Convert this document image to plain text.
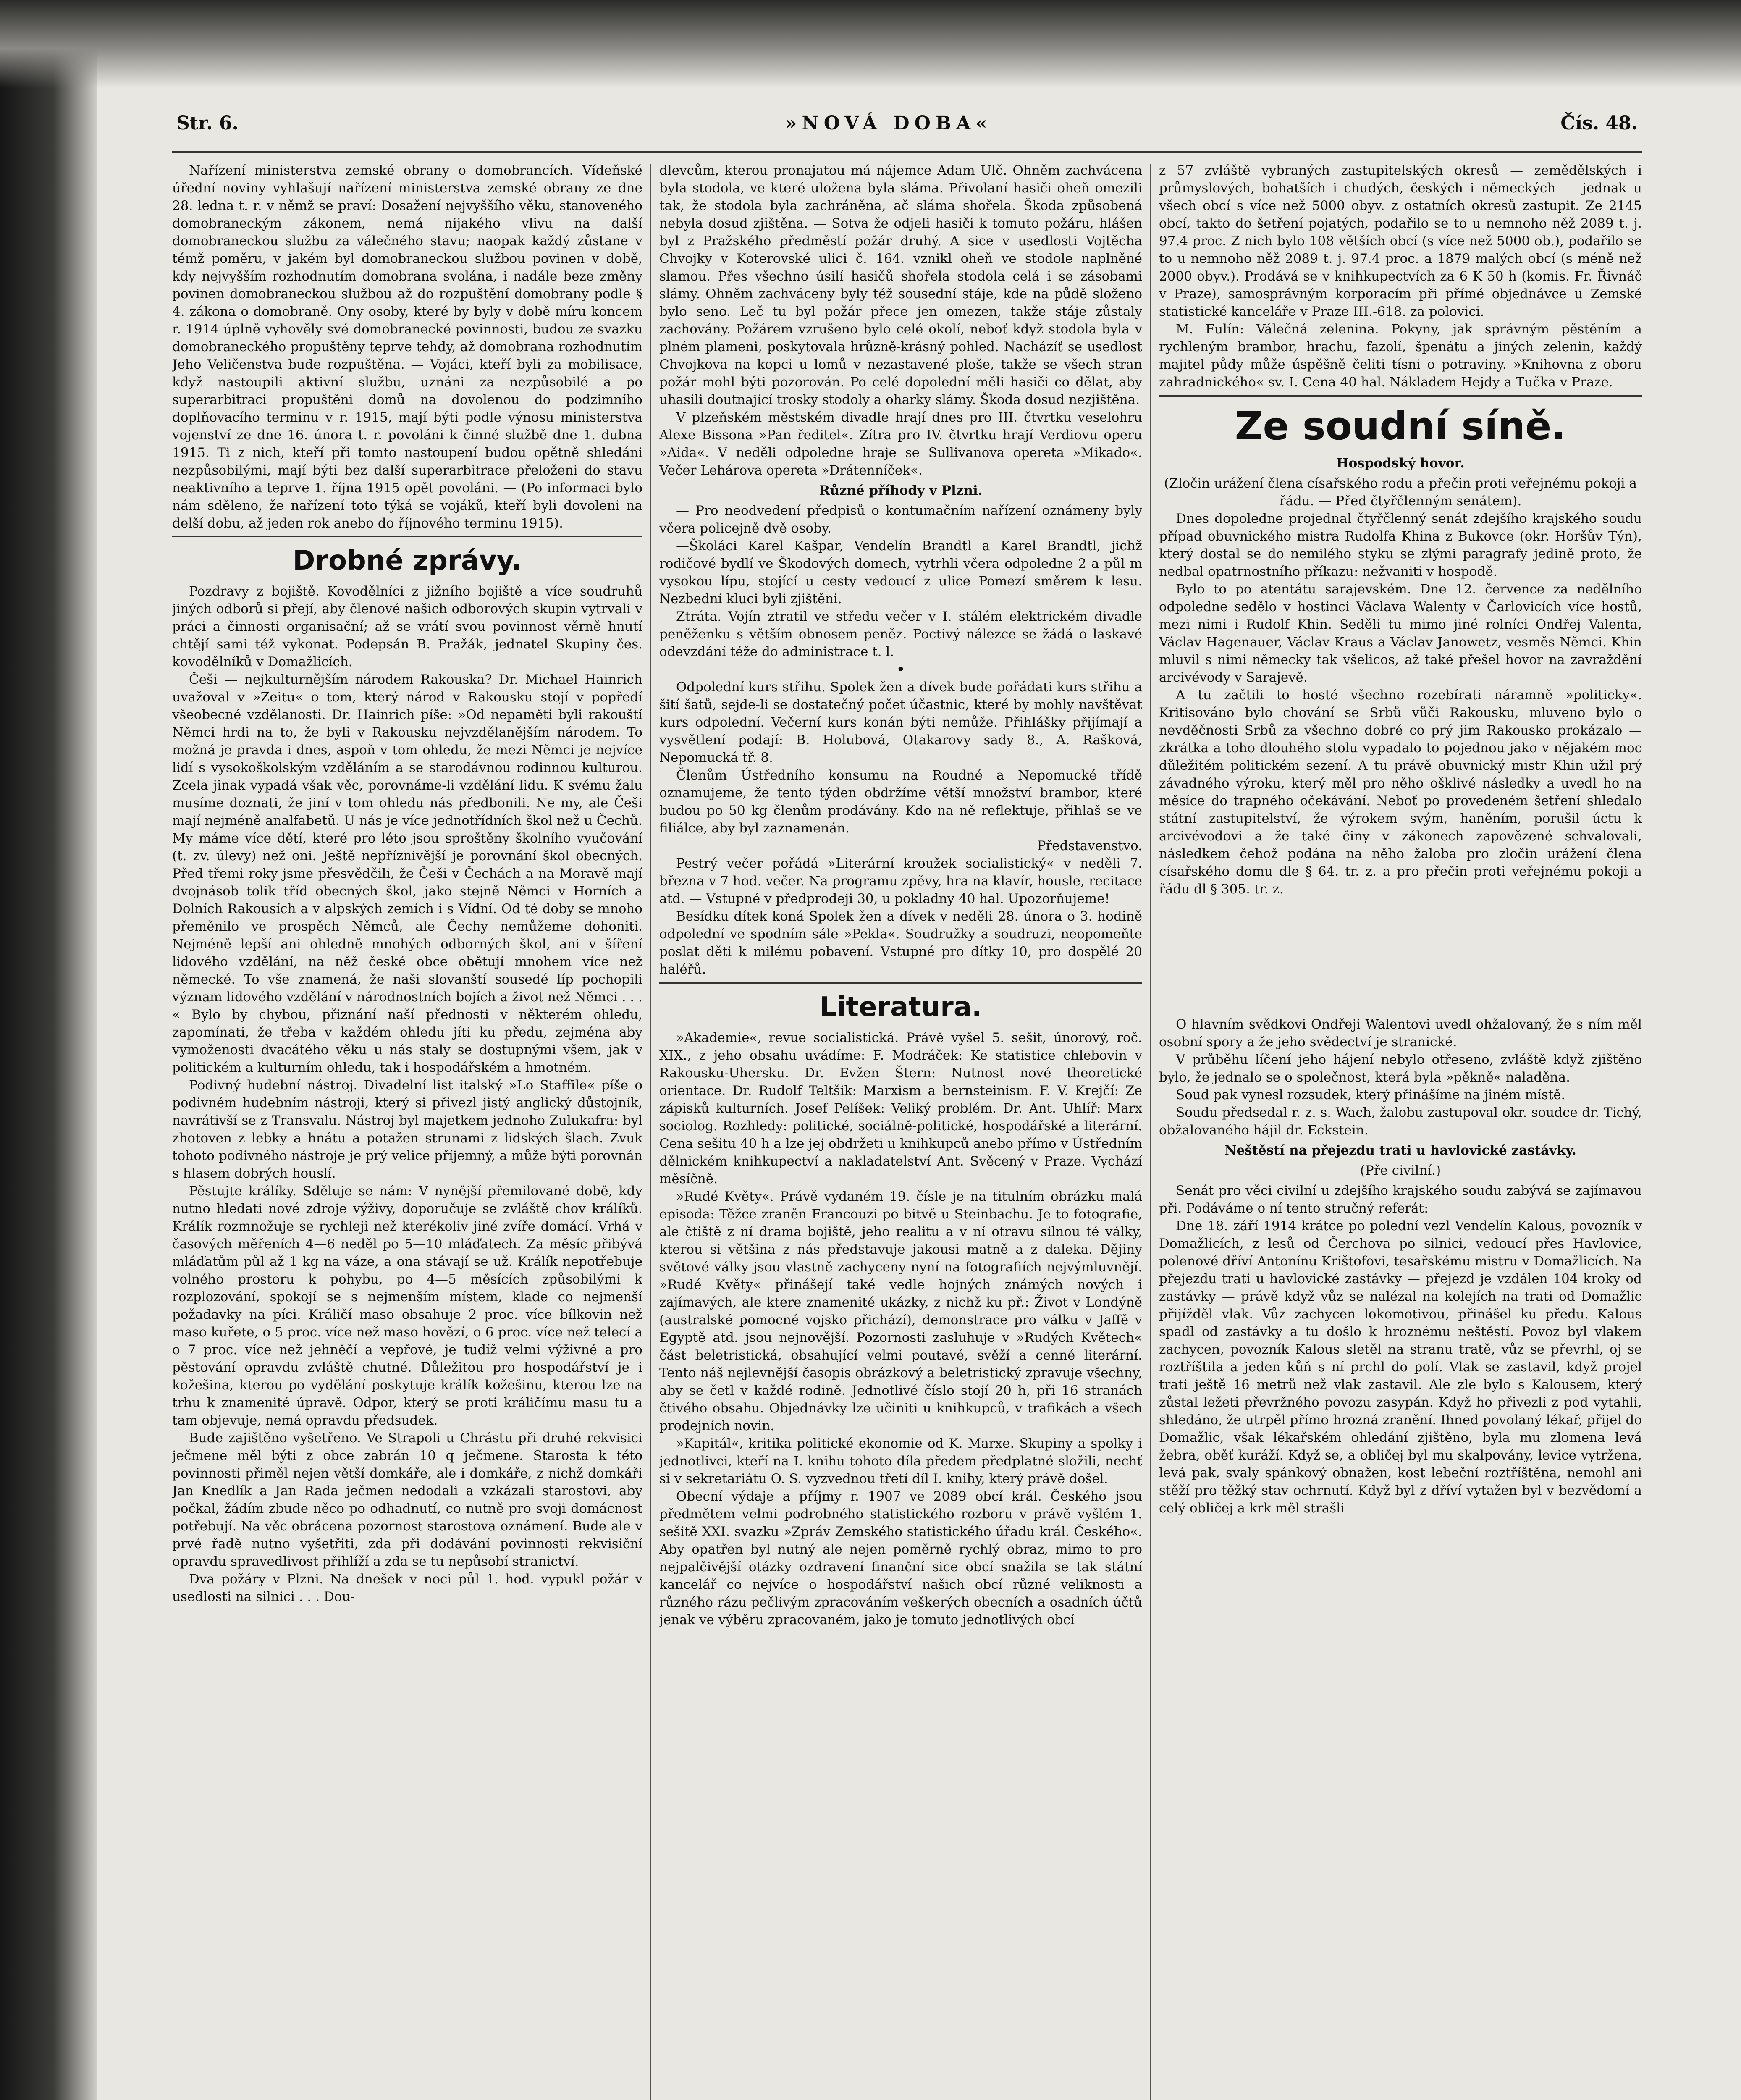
Str. 6.	»NOVÁ DOBA«	Čís. 48.

Nařízení ministerstva zemské obrany o domobrancích. Vídeňské úřední noviny vyhlašují nařízení ministerstva zemské obrany ze dne 28. ledna t. r. v němž se praví: Dosažení nejvyššího věku, stanoveného domobraneckým zákonem, nemá nijakého vlivu na další domobraneckou službu za válečného stavu; naopak každý zůstane v témž poměru, v jakém byl domobraneckou službou povinen v době, kdy nejvyšším rozhodnutím domobrana svolána, i nadále beze změny povinen domobraneckou službou až do rozpuštění domobrany podle § 4. zákona o domobraně. Ony osoby, které by byly v době míru koncem r. 1914 úplně vyhověly své domobranecké povinnosti, budou ze svazku domobraneckého propuštěny teprve tehdy, až domobrana rozhodnutím Jeho Veličenstva bude rozpuštěna. — Vojáci, kteří byli za mobilisace, když nastoupili aktivní službu, uznáni za nezpůsobilé a po superarbitraci propuštěni domů na dovolenou do podzimního doplňovacího terminu v r. 1915, mají býti podle výnosu ministerstva vojenství ze dne 16. února t. r. povoláni k činné službě dne 1. dubna 1915. Ti z nich, kteří při tomto nastoupení budou opětně shledáni nezpůsobilými, mají býti bez další superarbitrace přeloženi do stavu neaktivního a teprve 1. října 1915 opět povoláni. — (Po informaci bylo nám sděleno, že nařízení toto týká se vojáků, kteří byli dovoleni na delší dobu, až jeden rok anebo do říjnového terminu 1915).

Drobné zprávy.

Pozdravy z bojiště. Kovodělníci z jižního bojiště a více soudruhů jiných odborů si přejí, aby členové našich odborových skupin vytrvali v práci a činnosti organisační; až se vrátí svou povinnost věrně hnutí chtějí sami též vykonat. Podepsán B. Pražák, jednatel Skupiny čes. kovodělníků v Domažlicích.

Češi — nejkulturnějším národem Rakouska? Dr. Michael Hainrich uvažoval v »Zeitu« o tom, který národ v Rakousku stojí v popředí všeobecné vzdělanosti. Dr. Hainrich píše: »Od nepaměti byli rakouští Němci hrdi na to, že byli v Rakousku nejvzdělanějším národem. To možná je pravda i dnes, aspoň v tom ohledu, že mezi Němci je nejvíce lidí s vysokoškolským vzděláním a se starodávnou rodinnou kulturou. Zcela jinak vypadá však věc, porovnáme-li vzdělání lidu. K svému žalu musíme doznati, že jiní v tom ohledu nás předbonili. Ne my, ale Češi mají nejméně analfabetů. U nás je více jednotřídních škol než u Čechů. My máme více dětí, které pro léto jsou sproštěny školního vyučování (t. zv. úlevy) než oni. Ještě nepříznivější je porovnání škol obecných. Před třemi roky jsme přesvědčili, že Češi v Čechách a na Moravě mají dvojnásob tolik tříd obecných škol, jako stejně Němci v Horních a Dolních Rakousích a v alpských zemích i s Vídní. Od té doby se mnoho přeměnilo ve prospěch Němců, ale Čechy nemůžeme dohoniti. Nejméně lepší ani ohledně mnohých odborných škol, ani v šíření lidového vzdělání, na něž české obce obětují mnohem více než německé. To vše znamená, že naši slovanští sousedé líp pochopili význam lidového vzdělání v národnostních bojích a život než Němci . . . « Bylo by chybou, přiznání naší přednosti v některém ohledu, zapomínati, že třeba v každém ohledu jíti ku předu, zejména aby vymoženosti dvacátého věku u nás staly se dostupnými všem, jak v politickém a kulturním ohledu, tak i hospodářském a hmotném.

Podivný hudební nástroj. Divadelní list italský »Lo Staffile« píše o podivném hudebním nástroji, který si přivezl jistý anglický důstojník, navrátivší se z Transvalu. Nástroj byl majetkem jednoho Zulukafra: byl zhotoven z lebky a hnátu a potažen strunami z lidských šlach. Zvuk tohoto podivného nástroje je prý velice příjemný, a může býti porovnán s hlasem dobrých houslí.

Pěstujte králíky. Sděluje se nám: V nynější přemilované době, kdy nutno hledati nové zdroje výživy, doporučuje se zvláště chov králíků. Králík rozmnožuje se rychleji než kterékoliv jiné zvíře domácí. Vrhá v časových měřeních 4—6 neděl po 5—10 mláďatech. Za měsíc přibývá mláďatům půl až 1 kg na váze, a ona stávají se už. Králík nepotřebuje volného prostoru k pohybu, po 4—5 měsících způsobilými k rozplozování, spokojí se s nejmenším místem, klade co nejmenší požadavky na píci. Králičí maso obsahuje 2 proc. více bílkovin než maso kuřete, o 5 proc. více než maso hovězí, o 6 proc. více než telecí a o 7 proc. více než jehněčí a vepřové, je tudíž velmi výživné a pro pěstování opravdu zvláště chutné. Důležitou pro hospodářství je i kožešina, kterou po vydělání poskytuje králík kožešinu, kterou lze na trhu k znamenité úpravě. Odpor, který se proti králičímu masu tu a tam objevuje, nemá opravdu předsudek.

Bude zajištěno vyšetřeno. Ve Strapoli u Chrástu při druhé rekvisici ječmene měl býti z obce zabrán 10 q ječmene. Starosta k této povinnosti přiměl nejen větší domkáře, ale i domkáře, z nichž domkáři Jan Knedlík a Jan Rada ječmen nedodali a vzkázali starostovi, aby počkal, žádím zbude něco po odhadnutí, co nutně pro svoji domácnost potřebují. Na věc obrácena pozornost starostova oznámení. Bude ale v prvé řadě nutno vyšetřiti, zda při dodávání povinnosti rekvisiční opravdu spravedlivost přihlíží a zda se tu nepůsobí stranictví.

Dva požáry v Plzni. Na dnešek v noci půl 1. hod. vypukl požár v usedlosti na silnici . . . Dou-

dlevcům, kterou pronajatou má nájemce Adam Ulč. Ohněm zachvácena byla stodola, ve které uložena byla sláma. Přivolaní hasiči oheň omezili tak, že stodola byla zachráněna, ač sláma shořela. Škoda způsobená nebyla dosud zjištěna. — Sotva že odjeli hasiči k tomuto požáru, hlášen byl z Pražského předměstí požár druhý. A sice v usedlosti Vojtěcha Chvojky v Koterovské ulici č. 164. vznikl oheň ve stodole naplněné slamou. Přes všechno úsilí hasičů shořela stodola celá i se zásobami slámy. Ohněm zachváceny byly též sousední stáje, kde na půdě složeno bylo seno. Leč tu byl požár přece jen omezen, takže stáje zůstaly zachovány. Požárem vzrušeno bylo celé okolí, neboť když stodola byla v plném plameni, poskytovala hrůzně-krásný pohled. Nacházíť se usedlost Chvojkova na kopci u lomů v nezastavené ploše, takže se všech stran požár mohl býti pozorován. Po celé dopolední měli hasiči co dělat, aby uhasili doutnající trosky stodoly a oharky slámy. Škoda dosud nezjištěna.

V plzeňském městském divadle hrají dnes pro III. čtvrtku veselohru Alexe Bissona »Pan ředitel«. Zítra pro IV. čtvrtku hrají Verdiovu operu »Aida«. V neděli odpoledne hraje se Sullivanova opereta »Mikado«. Večer Lehárova opereta »Drátenníček«.

Různé příhody v Plzni.

— Pro neodvedení předpisů o kontumačním nařízení oznámeny byly včera policejně dvě osoby.

—Školáci Karel Kašpar, Vendelín Brandtl a Karel Brandtl, jichž rodičové bydlí ve Škodových domech, vytrhli včera odpoledne 2 a půl m vysokou lípu, stojící u cesty vedoucí z ulice Pomezí směrem k lesu. Nezbední kluci byli zjištěni.

Ztráta. Vojín ztratil ve středu večer v I. stálém elektrickém divadle peněženku s větším obnosem peněz. Poctivý nálezce se žádá o laskavé odevzdání téže do administrace t. l.

•

Odpolední kurs střihu. Spolek žen a dívek bude pořádati kurs střihu a šití šatů, sejde-li se dostatečný počet účastnic, které by mohly navštěvat kurs odpolední. Večerní kurs konán býti nemůže. Přihlášky přijímají a vysvětlení podají: B. Holubová, Otakarovy sady 8., A. Rašková, Nepomucká tř. 8.

Členům Ústředního konsumu na Roudné a Nepomucké třídě oznamujeme, že tento týden obdržíme větší množství brambor, které budou po 50 kg členům prodávány. Kdo na ně reflektuje, přihlaš se ve filiálce, aby byl zaznamenán.

Představenstvo.

Pestrý večer pořádá »Literární kroužek socialistický« v neděli 7. března v 7 hod. večer. Na programu zpěvy, hra na klavír, housle, recitace atd. — Vstupné v předprodeji 30, u pokladny 40 hal. Upozorňujeme!

Besídku dítek koná Spolek žen a dívek v neděli 28. února o 3. hodině odpolední ve spodním sále »Pekla«. Soudružky a soudruzi, neopomeňte poslat děti k milému pobavení. Vstupné pro dítky 10, pro dospělé 20 haléřů.

Literatura.

»Akademie«, revue socialistická. Právě vyšel 5. sešit, únorový, roč. XIX., z jeho obsahu uvádíme: F. Modráček: Ke statistice chlebovin v Rakousku-Uhersku. Dr. Evžen Štern: Nutnost nové theoretické orientace. Dr. Rudolf Teltšik: Marxism a bernsteinism. F. V. Krejčí: Ze zápisků kulturních. Josef Pelíšek: Veliký problém. Dr. Ant. Uhlíř: Marx sociolog. Rozhledy: politické, sociálně-politické, hospodářské a literární. Cena sešitu 40 h a lze jej obdržeti u knihkupců anebo přímo v Ústředním dělnickém knihkupectví a nakladatelství Ant. Svěcený v Praze. Vychází měsíčně.

»Rudé Květy«. Právě vydaném 19. čísle je na titulním obrázku malá episoda: Těžce zraněn Francouzi po bitvě u Steinbachu. Je to fotografie, ale čtiště z ní drama bojiště, jeho realitu a v ní otravu silnou té války, kterou si většina z nás představuje jakousi matně a z daleka. Dějiny světové války jsou vlastně zachyceny nyní na fotografiích nejvýmluvnějí. »Rudé Květy« přinášejí také vedle hojných známých nových i zajímavých, ale ktere znamenité ukázky, z nichž ku př.: Život v Londýně (australské pomocné vojsko přichází), demonstrace pro válku v Jaffě v Egyptě atd. jsou nejnovější. Pozornosti zasluhuje v »Rudých Květech« část beletristická, obsahující velmi poutavé, svěží a cenné literární. Tento náš nejlevnější časopis obrázkový a beletristický zpravuje všechny, aby se četl v každé rodině. Jednotlivé číslo stojí 20 h, při 16 stranách čtivého obsahu. Objednávky lze učiniti u knihkupců, v trafikách a všech prodejních novin.

»Kapitál«, kritika politické ekonomie od K. Marxe. Skupiny a spolky i jednotlivci, kteří na I. knihu tohoto díla předem předplatné složili, nechť si v sekretariátu O. S. vyzvednou třetí díl I. knihy, který právě došel.

Obecní výdaje a příjmy r. 1907 ve 2089 obcí král. Českého jsou předmětem velmi podrobného statistického rozboru v právě vyšlém 1. sešitě XXI. svazku »Zpráv Zemského statistického úřadu král. Českého«. Aby opatřen byl nutný ale nejen poměrně rychlý obraz, mimo to pro nejpalčivější otázky ozdravení finanční sice obcí snažila se tak státní kancelář co nejvíce o hospodářství našich obcí různé veliknosti a různého rázu pečlivým zpracováním veškerých obecních a osadních účtů jenak ve výběru zpracovaném, jako je tomuto jednotlivých obcí

z 57 zvláště vybraných zastupitelských okresů — zemědělských i průmyslových, bohatších i chudých, českých i německých — jednak u všech obcí s více než 5000 obyv. z ostatních okresů zastupit. Ze 2145 obcí, takto do šetření pojatých, podařilo se to u nemnoho něž 2089 t. j. 97.4 proc. Z nich bylo 108 větších obcí (s více než 5000 ob.), podařilo se to u nemnoho něž 2089 t. j. 97.4 proc. a 1879 malých obcí (s méně než 2000 obyv.). Prodává se v knihkupectvích za 6 K 50 h (komis. Fr. Řivnáč v Praze), samosprávným korporacím při přímé objednávce u Zemské statistické kanceláře v Praze III.-618. za polovici.

M. Fulín: Válečná zelenina. Pokyny, jak správným pěstěním a rychleným brambor, hrachu, fazolí, špenátu a jiných zelenin, každý majitel půdy může úspěšně čeliti tísni o potraviny. »Knihovna z oboru zahradnického« sv. I. Cena 40 hal. Nákladem Hejdy a Tučka v Praze.

Ze soudní síně.
Hospodský hovor.

(Zločin urážení člena císařského rodu a přečin proti veřejnému pokoji a řádu. — Před čtyřčlenným senátem).

Dnes dopoledne projednal čtyřčlenný senát zdejšího krajského soudu případ obuvnického mistra Rudolfa Khina z Bukovce (okr. Horšův Týn), který dostal se do nemilého styku se zlými paragrafy jedině proto, že nedbal opatrnostního příkazu: nežvaniti v hospodě.

Bylo to po atentátu sarajevském. Dne 12. července za nedělního odpoledne sedělo v hostinci Václava Walenty v Čarlovicích více hostů, mezi nimi i Rudolf Khin. Seděli tu mimo jiné rolníci Ondřej Valenta, Václav Hagenauer, Václav Kraus a Václav Janowetz, vesměs Němci. Khin mluvil s nimi německy tak všelicos, až také přešel hovor na zavraždění arcivévody v Sarajevě.

A tu začtili to hosté všechno rozebírati náramně »politicky«. Kritisováno bylo chování se Srbů vůči Rakousku, mluveno bylo o nevděčnosti Srbů za všechno dobré co prý jim Rakousko prokázalo — zkrátka a toho dlouhého stolu vypadalo to pojednou jako v nějakém moc důležitém politickém sezení. A tu právě obuvnický mistr Khin užil prý závadného výroku, který měl pro něho ošklivé následky a uvedl ho na měsíce do trapného očekávání. Neboť po provedeném šetření shledalo státní zastupitelství, že výrokem svým, haněním, porušil úctu k arcivévodovi a že také činy v zákonech zapovězené schvalovali, následkem čehož podána na něho žaloba pro zločin urážení člena císařského domu dle § 64. tr. z. a pro přečin proti veřejnému pokoji a řádu dl § 305. tr. z.

O hlavním svědkovi Ondřeji Walentovi uvedl ohžalovaný, že s ním měl osobní spory a že jeho svědectví je stranické.

V průběhu líčení jeho hájení nebylo otřeseno, zvláště když zjištěno bylo, že jednalo se o společnost, která byla »pěkně« naladěna.

Soud pak vynesl rozsudek, který přinášíme na jiném místě.

Soudu předsedal r. z. s. Wach, žalobu zastupoval okr. soudce dr. Tichý, obžalovaného hájil dr. Eckstein.

Neštěstí na přejezdu trati u havlovické zastávky.
(Pře civilní.)

Senát pro věci civilní u zdejšího krajského soudu zabývá se zajímavou při. Podáváme o ní tento stručný referát:

Dne 18. září 1914 krátce po polední vezl Vendelín Kalous, povozník v Domažlicích, z lesů od Čerchova po silnici, vedoucí přes Havlovice, polenové dříví Antonínu Krištofovi, tesařskému mistru v Domažlicích. Na přejezdu trati u havlovické zastávky — přejezd je vzdálen 104 kroky od zastávky — právě když vůz se nalézal na kolejích na trati od Domažlic přijížděl vlak. Vůz zachycen lokomotivou, přinášel ku předu. Kalous spadl od zastávky a tu došlo k hroznému neštěstí. Povoz byl vlakem zachycen, povozník Kalous sletěl na stranu tratě, vůz se převrhl, oj se roztříštila a jeden kůň s ní prchl do polí. Vlak se zastavil, když projel trati ještě 16 metrů než vlak zastavil. Ale zle bylo s Kalousem, který zůstal ležeti převržného povozu zasypán. Když ho přivezli z pod vytahli, shledáno, že utrpěl přímo hrozná zranění. Ihned povolaný lékař, přijel do Domažlic, však lékařském ohledání zjištěno, byla mu zlomena levá žebra, oběť kuráží. Když se, a obličej byl mu skalpovány, levice vytržena, levá pak, svaly spánkový obnažen, kost lebeční roztříštěna, nemohl ani stěží pro těžký stav ochrnutí. Když byl z dříví vytažen byl v bezvědomí a celý obličej a krk měl strašli
